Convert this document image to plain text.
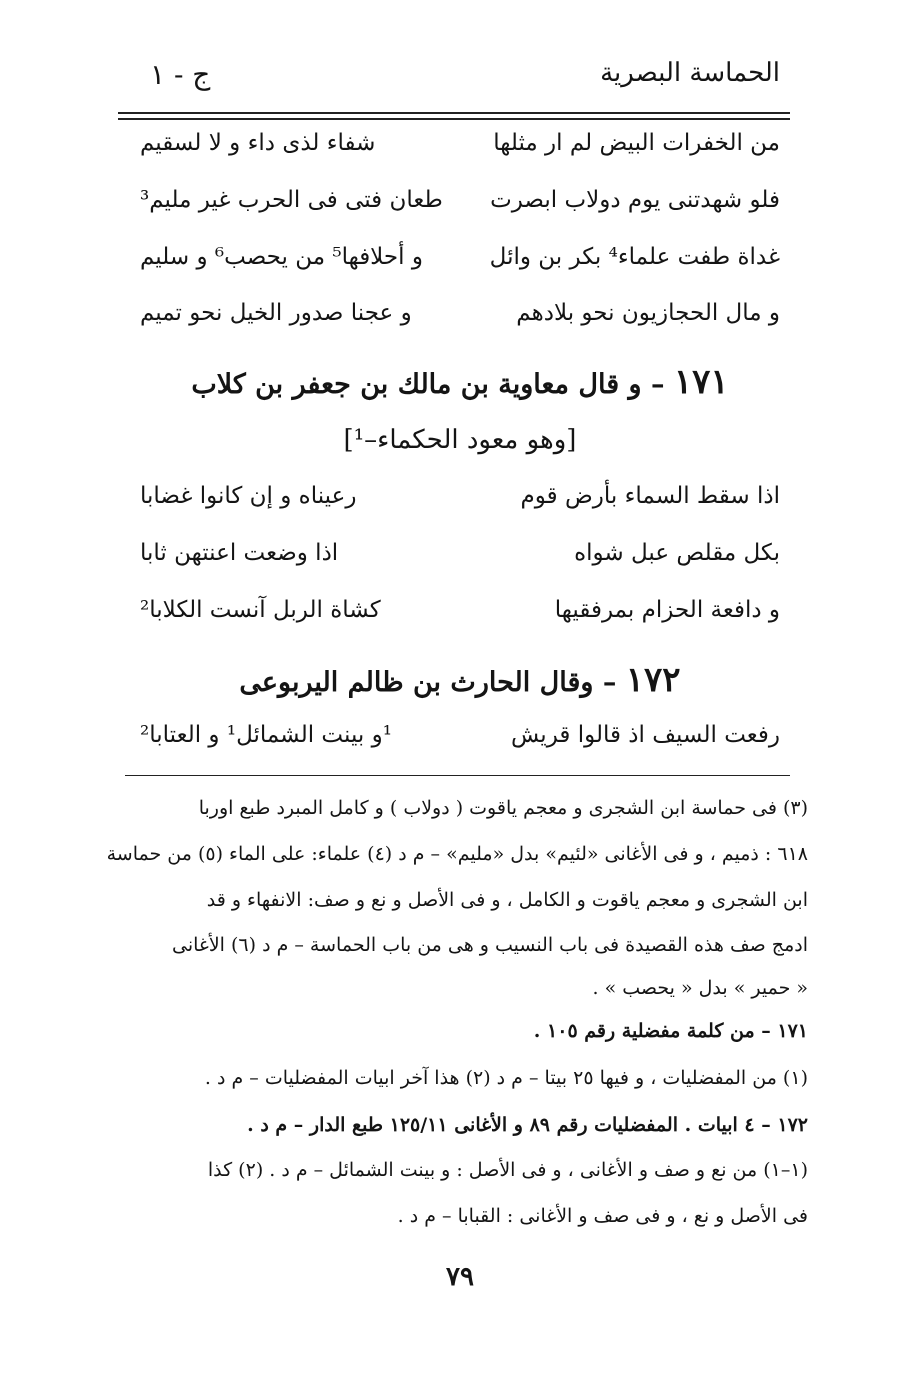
الحماسة البصرية
ج - ١
من الخفرات البيض لم ار مثلها
شفاء لذى داء و لا لسقيم
فلو شهدتنى يوم دولاب ابصرت
طعان فتى فى الحرب غير مليم³
غداة طفت علماء⁴ بكر بن وائل
و أحلافها⁵ من يحصب⁶ و سليم
و مال الحجازيون نحو بلادهم
و عجنا صدور الخيل نحو تميم
١٧١ – و قال معاوية بن مالك بن جعفر بن كلاب
[وهو معود الحكماء–¹]
اذا سقط السماء بأرض قوم
رعيناه و إن كانوا غضابا
بكل مقلص عبل شواه
اذا وضعت اعنتهن ثابا
و دافعة الحزام بمرفقيها
كشاة الربل آنست الكلابا²
١٧٢ – وقال الحارث بن ظالم اليربوعى
رفعت السيف اذ قالوا قريش
¹و بينت الشمائل¹ و العتابا²
(٣) فى حماسة ابن الشجرى و معجم ياقوت ( دولاب ) و كامل المبرد طبع اوربا
٦١٨ : ذميم ، و فى الأغانى «لئيم» بدل «مليم» – م د (٤) علماء: على الماء (٥) من حماسة
ابن الشجرى و معجم ياقوت و الكامل ، و فى الأصل و نع و صف: الانفهاء و قد
ادمج صف هذه القصيدة فى باب النسيب و هى من باب الحماسة – م د (٦) الأغانى
« حمير » بدل « يحصب » .
١٧١ – من كلمة مفضلية رقم ١٠٥ .
(١) من المفضليات ، و فيها ٢٥ بيتا – م د (٢) هذا آخر ابيات المفضليات – م د .
١٧٢ – ٤ ابيات . المفضليات رقم ٨٩ و الأغانى ١٢٥/١١ طبع الدار – م د .
(١–١) من نع و صف و الأغانى ، و فى الأصل : و بينت الشمائل – م د . (٢) كذا
فى الأصل و نع ، و فى صف و الأغانى : القبابا – م د .
٧٩
